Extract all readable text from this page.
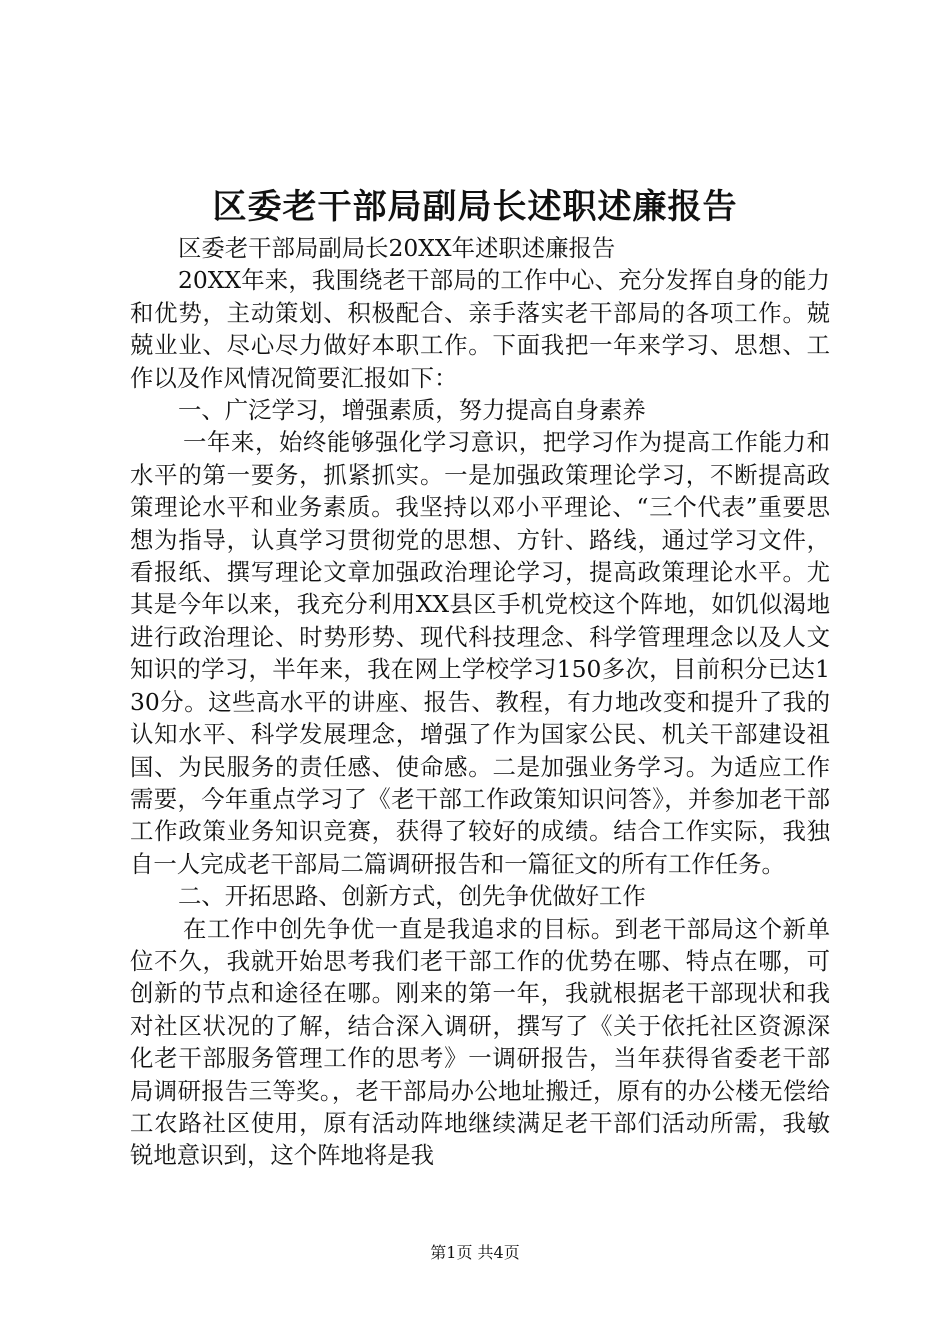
区委老干部局副局长述职述廉报告

区委老干部局副局长20XX年述职述廉报告

20XX年来，我围绕老干部局的工作中心、充分发挥自身的能力和优势，主动策划、积极配合、亲手落实老干部局的各项工作。兢兢业业、尽心尽力做好本职工作。下面我把一年来学习、思想、工作以及作风情况简要汇报如下：

一、广泛学习，增强素质，努力提高自身素养

一年来，始终能够强化学习意识，把学习作为提高工作能力和水平的第一要务，抓紧抓实。一是加强政策理论学习，不断提高政策理论水平和业务素质。我坚持以邓小平理论、“三个代表”重要思想为指导，认真学习贯彻党的思想、方针、路线，通过学习文件，看报纸、撰写理论文章加强政治理论学习，提高政策理论水平。尤其是今年以来，我充分利用XX县区手机党校这个阵地，如饥似渴地进行政治理论、时势形势、现代科技理念、科学管理理念以及人文知识的学习，半年来，我在网上学校学习150多次，目前积分已达130分。这些高水平的讲座、报告、教程，有力地改变和提升了我的认知水平、科学发展理念，增强了作为国家公民、机关干部建设祖国、为民服务的责任感、使命感。二是加强业务学习。为适应工作需要，今年重点学习了《老干部工作政策知识问答》，并参加老干部工作政策业务知识竞赛，获得了较好的成绩。结合工作实际，我独自一人完成老干部局二篇调研报告和一篇征文的所有工作任务。

二、开拓思路、创新方式，创先争优做好工作

在工作中创先争优一直是我追求的目标。到老干部局这个新单位不久，我就开始思考我们老干部工作的优势在哪、特点在哪，可创新的节点和途径在哪。刚来的第一年，我就根据老干部现状和我对社区状况的了解，结合深入调研，撰写了《关于依托社区资源深化老干部服务管理工作的思考》一调研报告，当年获得省委老干部局调研报告三等奖。，老干部局办公地址搬迁，原有的办公楼无偿给工农路社区使用，原有活动阵地继续满足老干部们活动所需，我敏锐地意识到，这个阵地将是我

第1页 共4页
